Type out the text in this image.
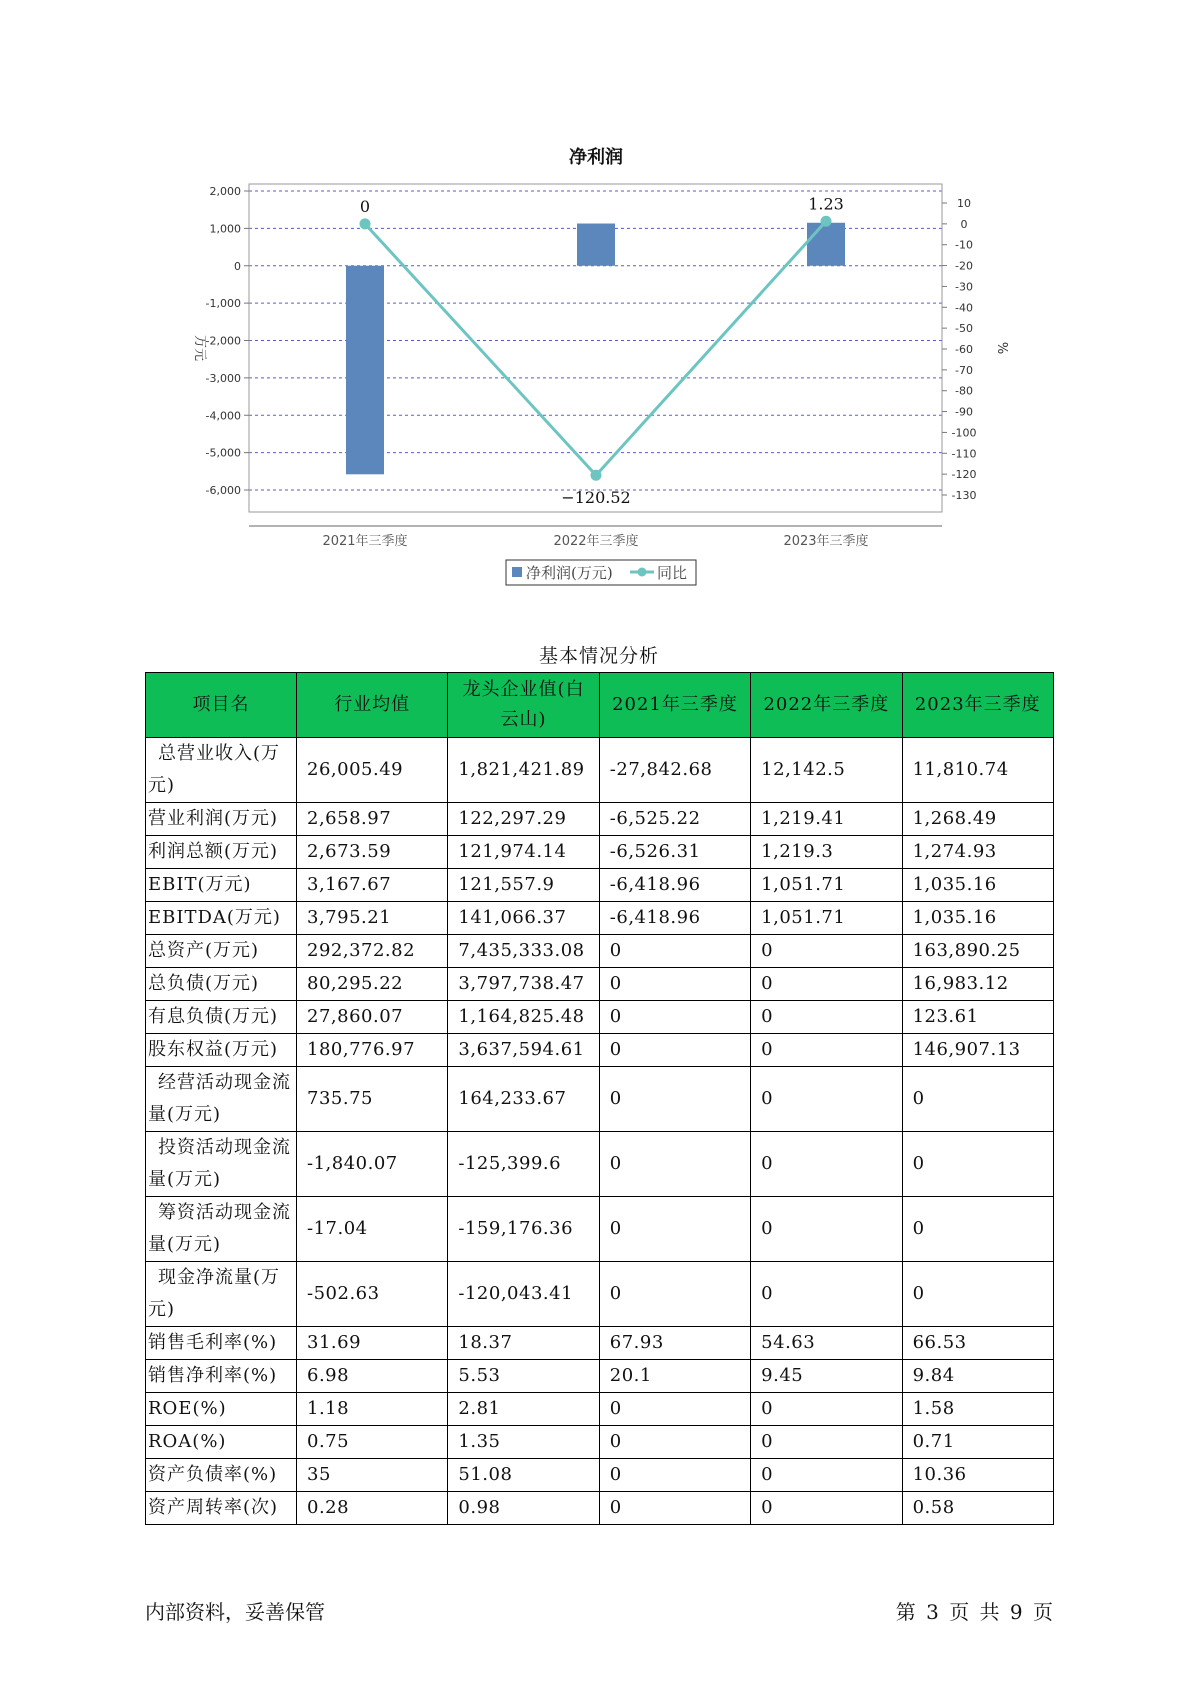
净利润
0
−120.52
1.23
2,000
1,000
0
-1,000
-2,000
-3,000
-4,000
-5,000
-6,000
10
0
-10
-20
-30
-40
-50
-60
-70
-80
-90
-100
-110
-120
-130
万元	%
2021年三季度	2022年三季度	2023年三季度
净利润(万元)	同比
基本情况分析
项目名	行业均值	龙头企业值(白云山)	2021年三季度	2022年三季度	2023年三季度
总营业收入(万元)	26,005.49	1,821,421.89	-27,842.68	12,142.5	11,810.74
营业利润(万元)	2,658.97	122,297.29	-6,525.22	1,219.41	1,268.49
利润总额(万元)	2,673.59	121,974.14	-6,526.31	1,219.3	1,274.93
EBIT(万元)	3,167.67	121,557.9	-6,418.96	1,051.71	1,035.16
EBITDA(万元)	3,795.21	141,066.37	-6,418.96	1,051.71	1,035.16
总资产(万元)	292,372.82	7,435,333.08	0	0	163,890.25
总负债(万元)	80,295.22	3,797,738.47	0	0	16,983.12
有息负债(万元)	27,860.07	1,164,825.48	0	0	123.61
股东权益(万元)	180,776.97	3,637,594.61	0	0	146,907.13
经营活动现金流量(万元)	735.75	164,233.67	0	0	0
投资活动现金流量(万元)	-1,840.07	-125,399.6	0	0	0
筹资活动现金流量(万元)	-17.04	-159,176.36	0	0	0
现金净流量(万元)	-502.63	-120,043.41	0	0	0
销售毛利率(%)	31.69	18.37	67.93	54.63	66.53
销售净利率(%)	6.98	5.53	20.1	9.45	9.84
ROE(%)	1.18	2.81	0	0	1.58
ROA(%)	0.75	1.35	0	0	0.71
资产负债率(%)	35	51.08	0	0	10.36
资产周转率(次)	0.28	0.98	0	0	0.58
内部资料，妥善保管	第 3 页 共 9 页
